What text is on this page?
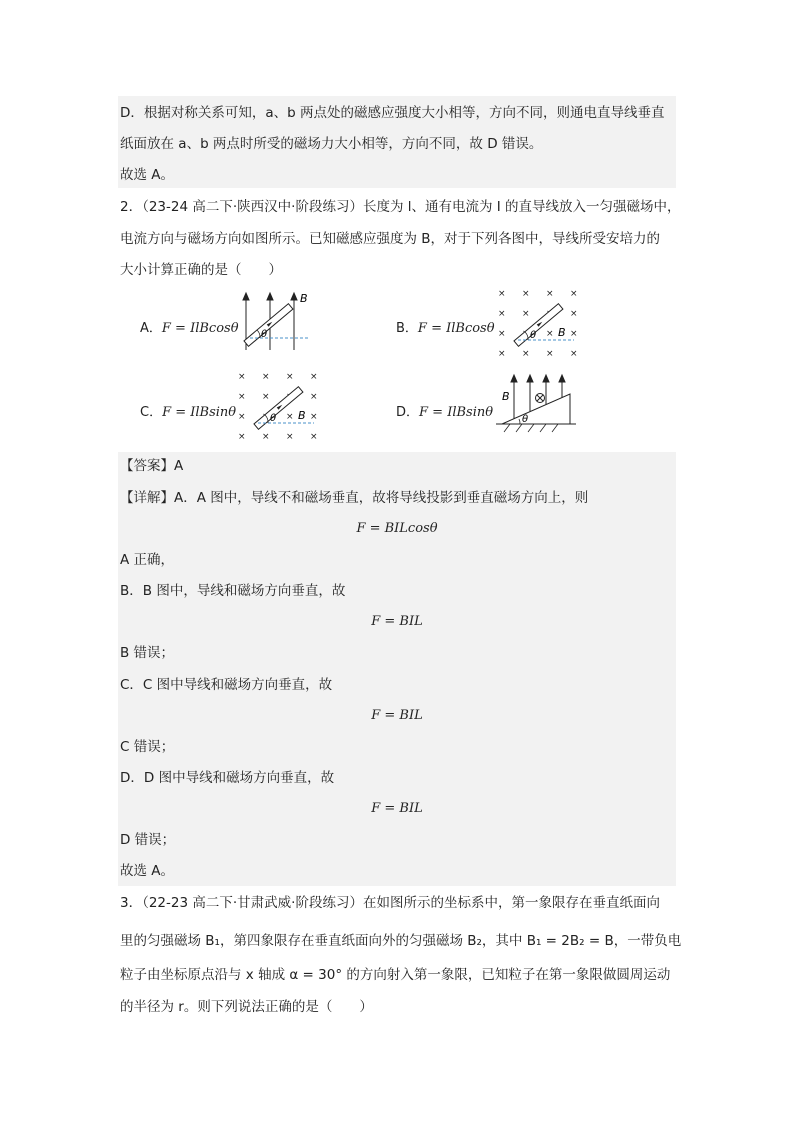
D．根据对称关系可知，a、b 两点处的磁感应强度大小相等，方向不同，则通电直导线垂直
纸面放在 a、b 两点时所受的磁场力大小相等，方向不同，故 D 错误。
故选 A。
2．（23-24 高二下·陕西汉中·阶段练习）长度为 l、通有电流为 I 的直导线放入一匀强磁场中，
电流方向与磁场方向如图所示。已知磁感应强度为 B，对于下列各图中，导线所受安培力的
大小计算正确的是（　　）
A．F = IlBcosθ	B．F = IlBcosθ
C．F = IlBsinθ	D．F = IlBsinθ
θ
B	× × × ×
× ×	×
×	× ×
× × × ×
θ B
× × × ×
× ×	×
×	× ×
× × × ×
θ B	θ
B
【答案】A
【详解】A．A 图中，导线不和磁场垂直，故将导线投影到垂直磁场方向上，则
F = BILcosθ
A 正确，
B．B 图中，导线和磁场方向垂直，故
F = BIL
B 错误；
C．C 图中导线和磁场方向垂直，故
F = BIL
C 错误；
D．D 图中导线和磁场方向垂直，故
F = BIL
D 错误；
故选 A。
3．（22-23 高二下·甘肃武威·阶段练习）在如图所示的坐标系中，第一象限存在垂直纸面向
里的匀强磁场 B₁，第四象限存在垂直纸面向外的匀强磁场 B₂，其中 B₁ = 2B₂ = B，一带负电
粒子由坐标原点沿与 x 轴成 α = 30° 的方向射入第一象限，已知粒子在第一象限做圆周运动
的半径为 r。则下列说法正确的是（　　）
